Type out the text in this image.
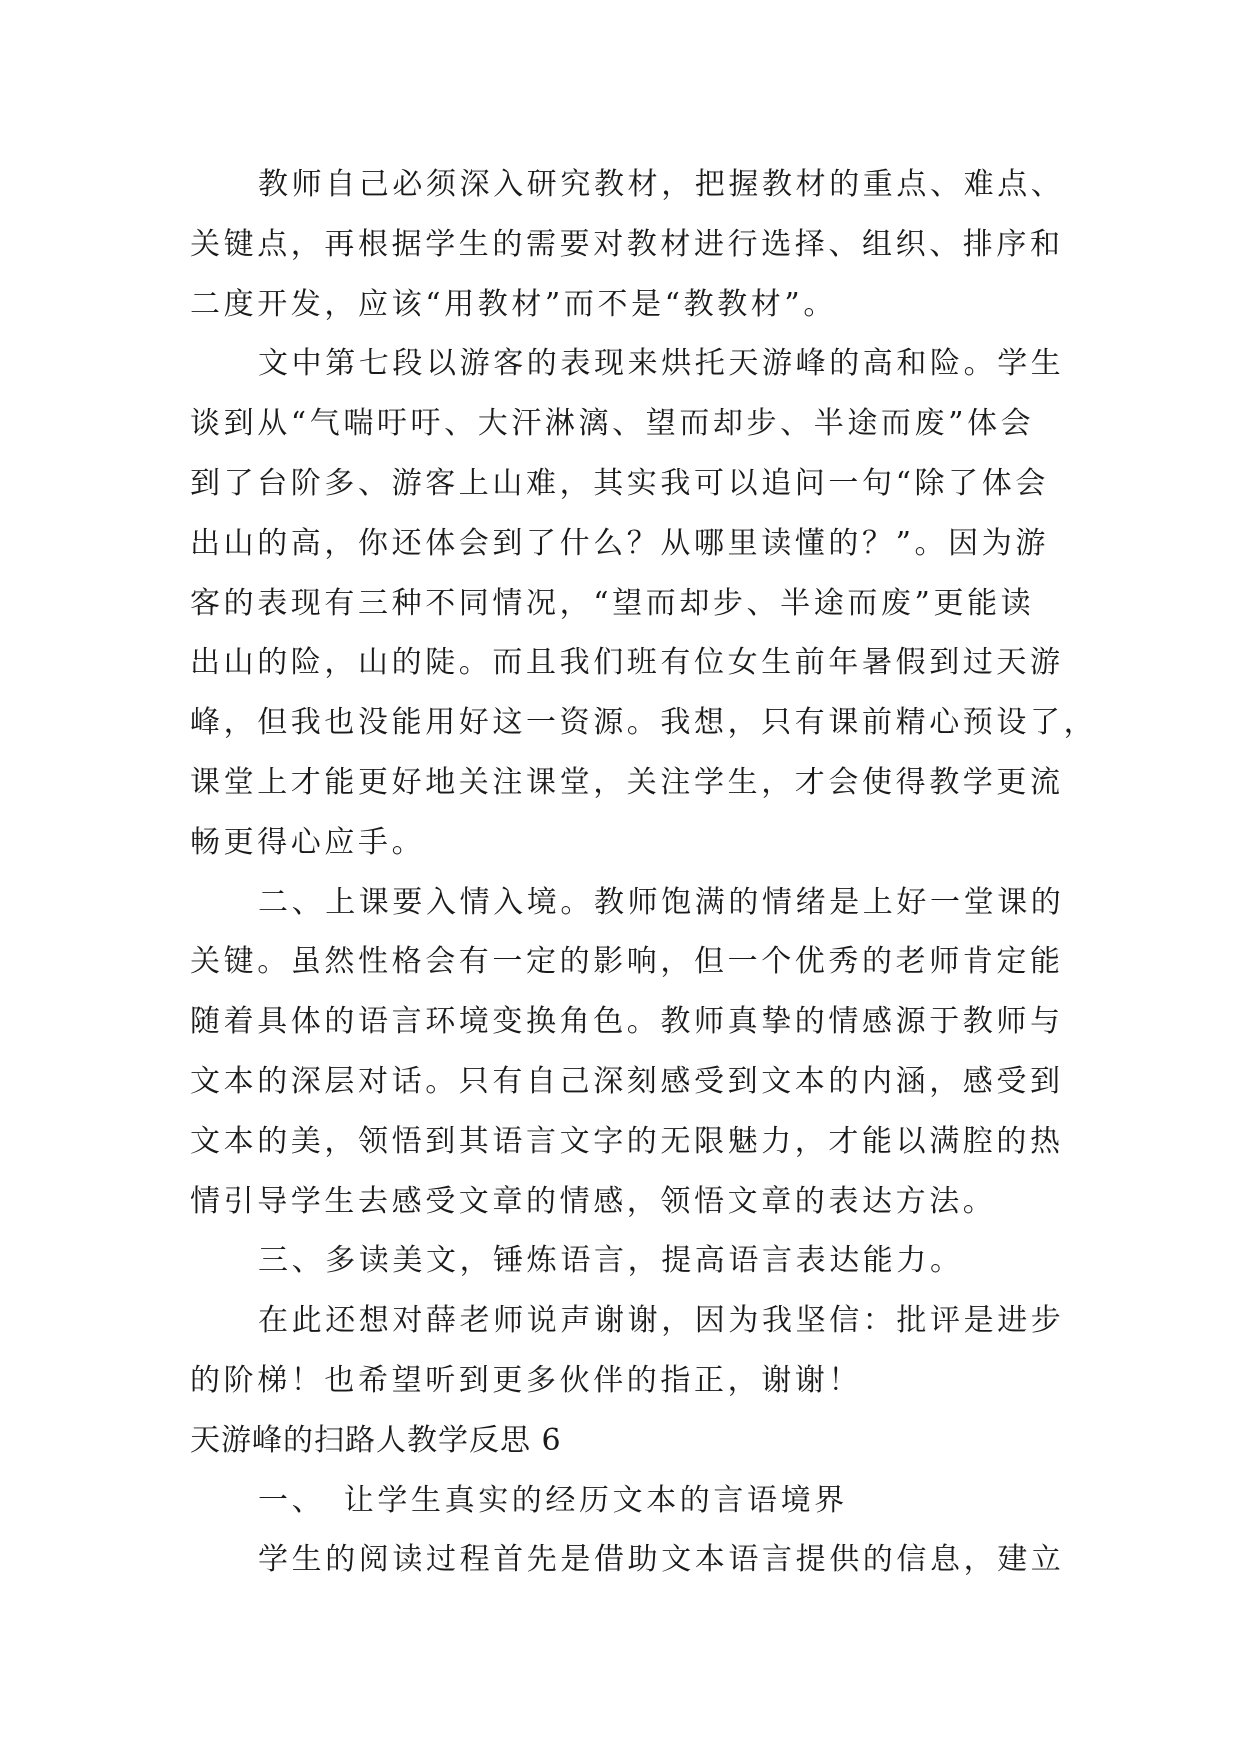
教师自己必须深入研究教材，把握教材的重点、难点、
关键点，再根据学生的需要对教材进行选择、组织、排序和
二度开发，应该“用教材”而不是“教教材”。
文中第七段以游客的表现来烘托天游峰的高和险。学生
谈到从“气喘吁吁、大汗淋漓、望而却步、半途而废”体会
到了台阶多、游客上山难，其实我可以追问一句“除了体会
出山的高，你还体会到了什么？从哪里读懂的？”。因为游
客的表现有三种不同情况，“望而却步、半途而废”更能读
出山的险，山的陡。而且我们班有位女生前年暑假到过天游
峰，但我也没能用好这一资源。我想，只有课前精心预设了，
课堂上才能更好地关注课堂，关注学生，才会使得教学更流
畅更得心应手。
二、上课要入情入境。教师饱满的情绪是上好一堂课的
关键。虽然性格会有一定的影响，但一个优秀的老师肯定能
随着具体的语言环境变换角色。教师真挚的情感源于教师与
文本的深层对话。只有自己深刻感受到文本的内涵，感受到
文本的美，领悟到其语言文字的无限魅力，才能以满腔的热
情引导学生去感受文章的情感，领悟文章的表达方法。
三、多读美文，锤炼语言，提高语言表达能力。
在此还想对薛老师说声谢谢，因为我坚信：批评是进步
的阶梯！也希望听到更多伙伴的指正，谢谢！
天游峰的扫路人教学反思 6
一、　让学生真实的经历文本的言语境界
学生的阅读过程首先是借助文本语言提供的信息，建立
